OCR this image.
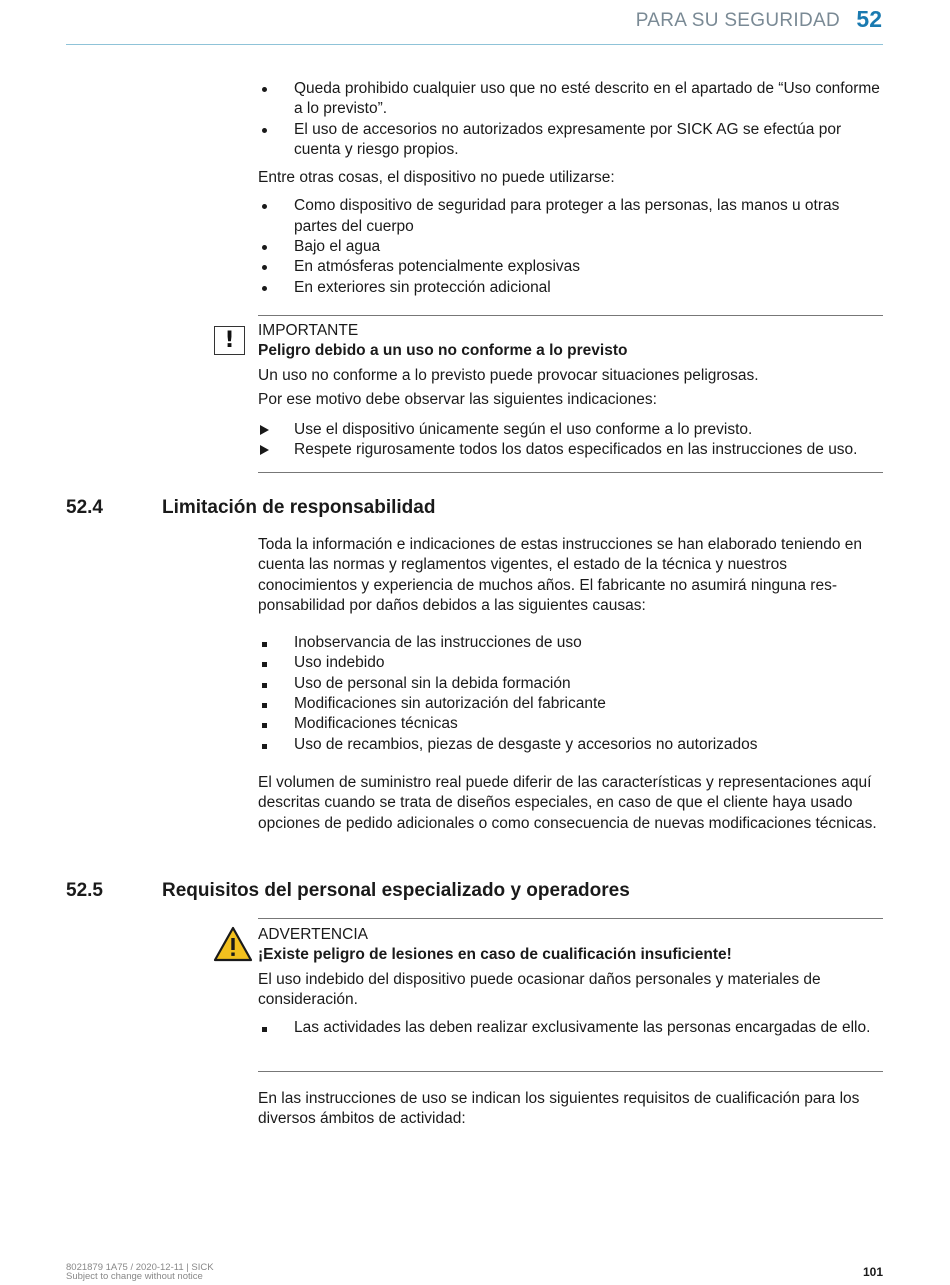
PARA SU SEGURIDAD 52
Queda prohibido cualquier uso que no esté descrito en el apartado de “Uso conforme a lo previsto”.
El uso de accesorios no autorizados expresamente por SICK AG se efectúa por cuenta y riesgo propios.

Entre otras cosas, el dispositivo no puede utilizarse:

Como dispositivo de seguridad para proteger a las personas, las manos u otras partes del cuerpo
Bajo el agua
En atmósferas potencialmente explosivas
En exteriores sin protección adicional
!	IMPORTANTE
Peligro debido a un uso no conforme a lo previsto

Un uso no conforme a lo previsto puede provocar situaciones peligrosas.

Por ese motivo debe observar las siguientes indicaciones:

Use el dispositivo únicamente según el uso conforme a lo previsto.
Respete rigurosamente todos los datos especificados en las instrucciones de uso.
52.4	Limitación de responsabilidad

Toda la información e indicaciones de estas instrucciones se han elaborado teniendo en cuenta las normas y reglamentos vigentes, el estado de la técnica y nuestros conocimientos y experiencia de muchos años. El fabricante no asumirá ninguna res-ponsabilidad por daños debidos a las siguientes causas:

Inobservancia de las instrucciones de uso
Uso indebido
Uso de personal sin la debida formación
Modificaciones sin autorización del fabricante
Modificaciones técnicas
Uso de recambios, piezas de desgaste y accesorios no autorizados

El volumen de suministro real puede diferir de las características y representaciones aquí descritas cuando se trata de diseños especiales, en caso de que el cliente haya usado opciones de pedido adicionales o como consecuencia de nuevas modificaciones técnicas.

52.5	Requisitos del personal especializado y operadores
ADVERTENCIA
¡Existe peligro de lesiones en caso de cualificación insuficiente!

El uso indebido del dispositivo puede ocasionar daños personales y materiales de consideración.

Las actividades las deben realizar exclusivamente las personas encargadas de ello.

En las instrucciones de uso se indican los siguientes requisitos de cualificación para los diversos ámbitos de actividad:

8021879 1A75 / 2020-12-11 | SICK
Subject to change without notice	101
